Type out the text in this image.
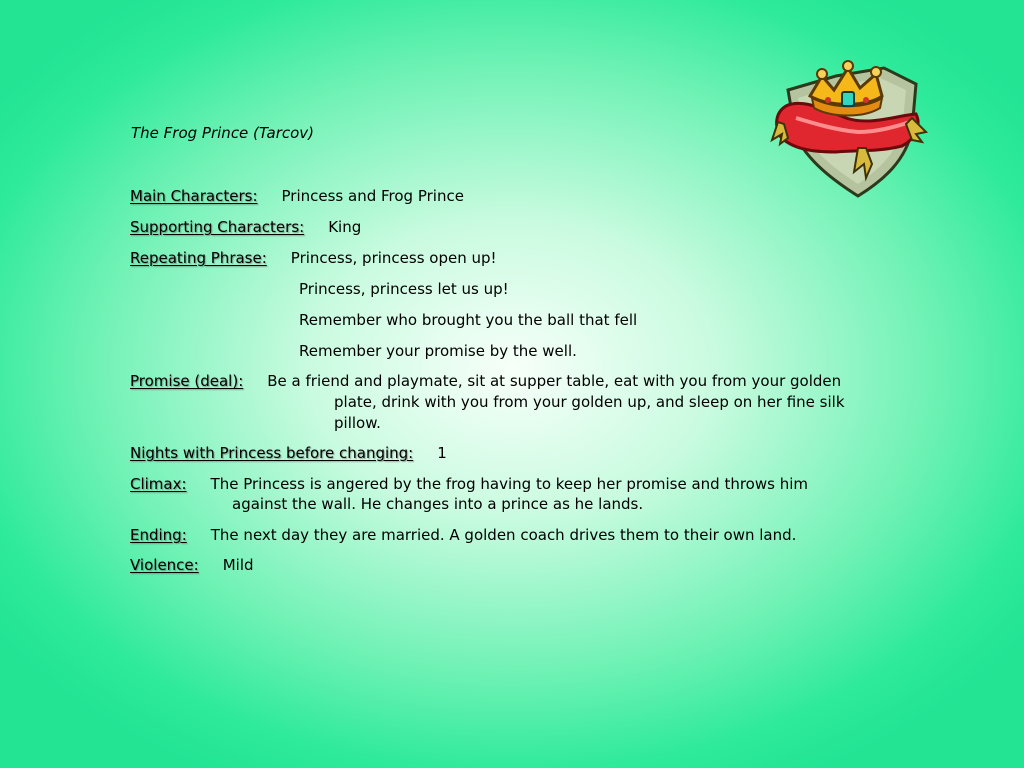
The Frog Prince (Tarcov)
Main Characters: Princess and Frog Prince
Supporting Characters: King
Repeating Phrase: Princess, princess open up!
Princess, princess let us up!
Remember who brought you the ball that fell
Remember your promise by the well.
Promise (deal): Be a friend and playmate, sit at supper table, eat with you from your golden
plate, drink with you from your golden up, and sleep on her fine silk
pillow.
Nights with Princess before changing: 1
Climax: The Princess is angered by the frog having to keep her promise and throws him
against the wall. He changes into a prince as he lands.
Ending: The next day they are married. A golden coach drives them to their own land.
Violence: Mild
